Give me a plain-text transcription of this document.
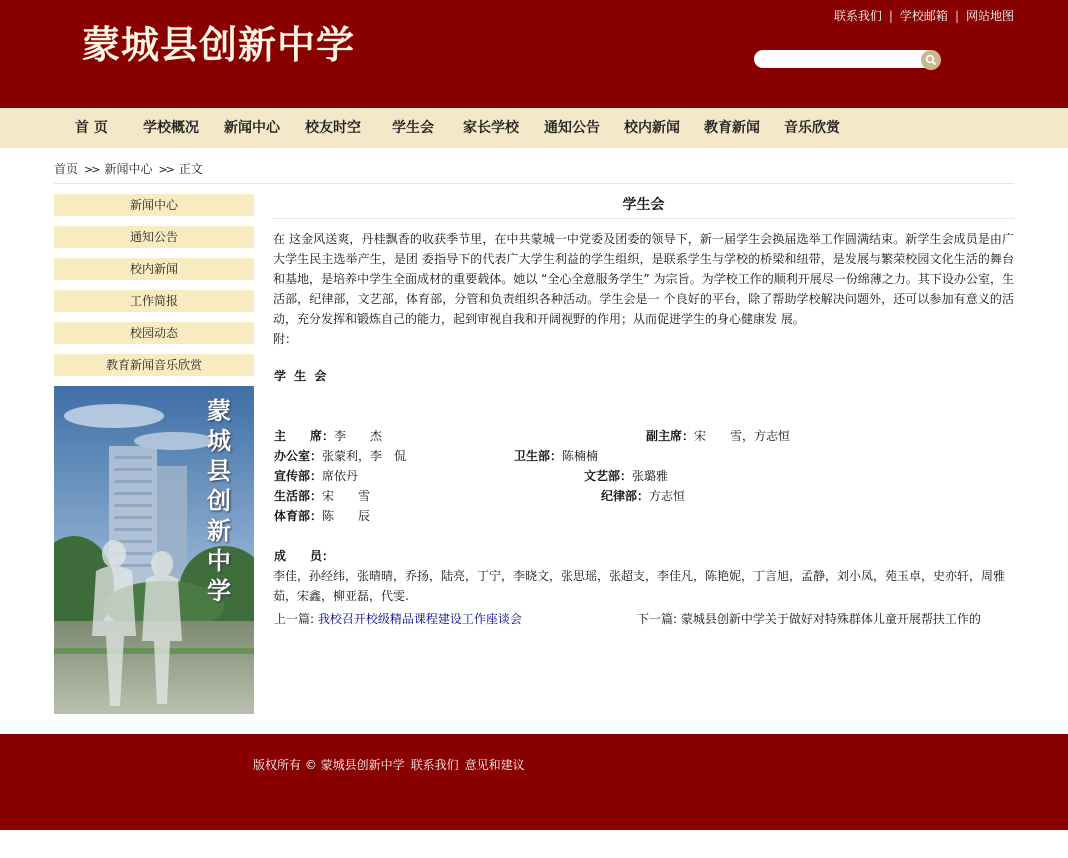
蒙城县创新中学
联系我们 | 学校邮箱 | 网站地图
首 页	学校概况 新闻中心 校友时空 学生会 家长学校 通知公告 校内新闻 教育新闻 音乐欣赏
首页 >> 新闻中心 >> 正文
新闻中心
通知公告
校内新闻
工作简报
校园动态
教育新闻音乐欣赏
蒙
城
县
创
新
中
学
学生会
在 这金风送爽，丹桂飘香的收获季节里，在中共蒙城一中党委及团委的领导下，新一届学生会换届选举工作圆满结束。新学生会成员是由广大学生民主选举产生，是团 委指导下的代表广大学生利益的学生组织，是联系学生与学校的桥梁和纽带，是发展与繁荣校园文化生活的舞台和基地，是培养中学生全面成材的重要载体。她以 “全心全意服务学生” 为宗旨。为学校工作的顺利开展尽一份绵薄之力。其下设办公室，生活部，纪律部，文艺部，体育部，分管和负责组织各种活动。学生会是一 个良好的平台，除了帮助学校解决问题外，还可以参加有意义的活动，充分发挥和锻炼自己的能力，起到审视自我和开阔视野的作用；从而促进学生的身心健康发 展。
附：
学 生 会
主　　席：李　　杰	副主席：宋　　雪，方志恒
办公室：张蒙利，李　侃	卫生部：陈楠楠
宣传部：席依丹	文艺部：张璐雅
生活部：宋　　雪	纪律部：方志恒
体育部：陈　　辰
成　　员：
李佳，孙经纬，张晴晴，乔扬，陆亮，丁宁，李晓文，张思瑶，张超支，李佳凡，陈艳妮，丁言旭，孟静，刘小凤，苑玉卓，史亦轩，周雅茹，宋鑫，柳亚磊，代雯.
上一篇: 我校召开校级精品课程建设工作座谈会	下一篇: 蒙城县创新中学关于做好对特殊群体儿童开展帮扶工作的
版权所有 © 蒙城县创新中学 联系我们 意见和建议
